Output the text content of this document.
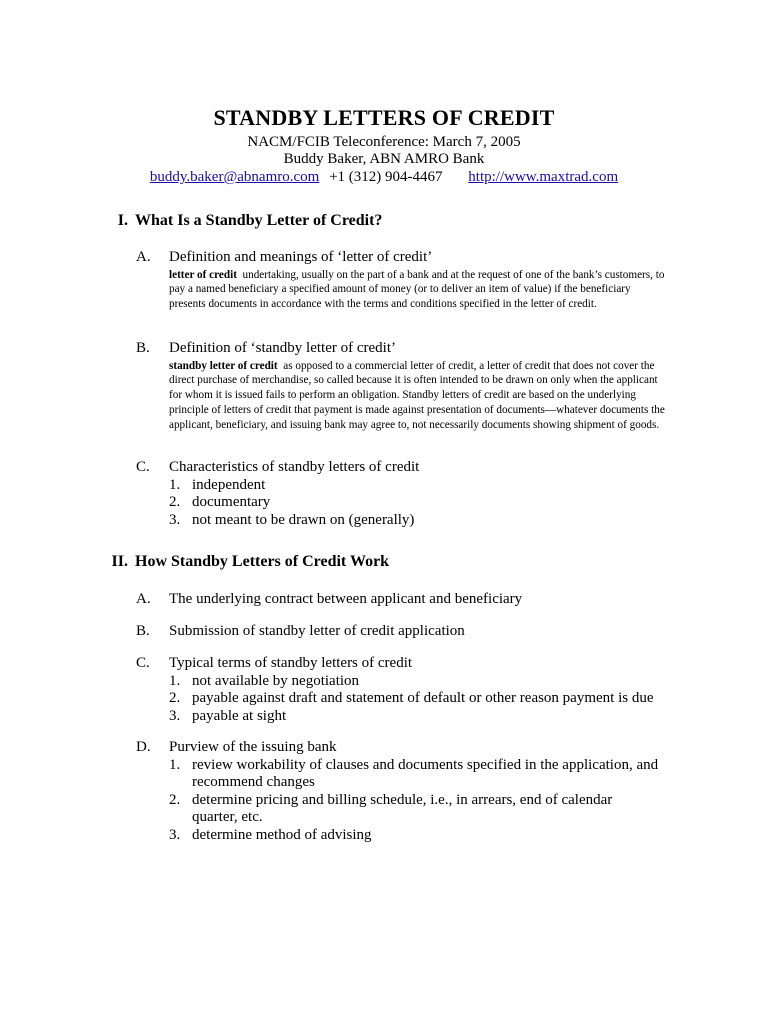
STANDBY LETTERS OF CREDIT
NACM/FCIB Teleconference: March 7, 2005
Buddy Baker, ABN AMRO Bank
buddy.baker@abnamro.com +1 (312) 904-4467 http://www.maxtrad.com
I. What Is a Standby Letter of Credit?
A. Definition and meanings of ‘letter of credit’
letter of credit undertaking, usually on the part of a bank and at the request of one of the bank’s customers, to pay a named beneficiary a specified amount of money (or to deliver an item of value) if the beneficiary presents documents in accordance with the terms and conditions specified in the letter of credit.
B. Definition of ‘standby letter of credit’
standby letter of credit as opposed to a commercial letter of credit, a letter of credit that does not cover the direct purchase of merchandise, so called because it is often intended to be drawn on only when the applicant for whom it is issued fails to perform an obligation. Standby letters of credit are based on the underlying principle of letters of credit that payment is made against presentation of documents—whatever documents the applicant, beneficiary, and issuing bank may agree to, not necessarily documents showing shipment of goods.
C. Characteristics of standby letters of credit
1. independent
2. documentary
3. not meant to be drawn on (generally)
II. How Standby Letters of Credit Work
A. The underlying contract between applicant and beneficiary
B. Submission of standby letter of credit application
C. Typical terms of standby letters of credit
1. not available by negotiation
2. payable against draft and statement of default or other reason payment is due
3. payable at sight
D. Purview of the issuing bank
1. review workability of clauses and documents specified in the application, and recommend changes
2. determine pricing and billing schedule, i.e., in arrears, end of calendar quarter, etc.
3. determine method of advising
